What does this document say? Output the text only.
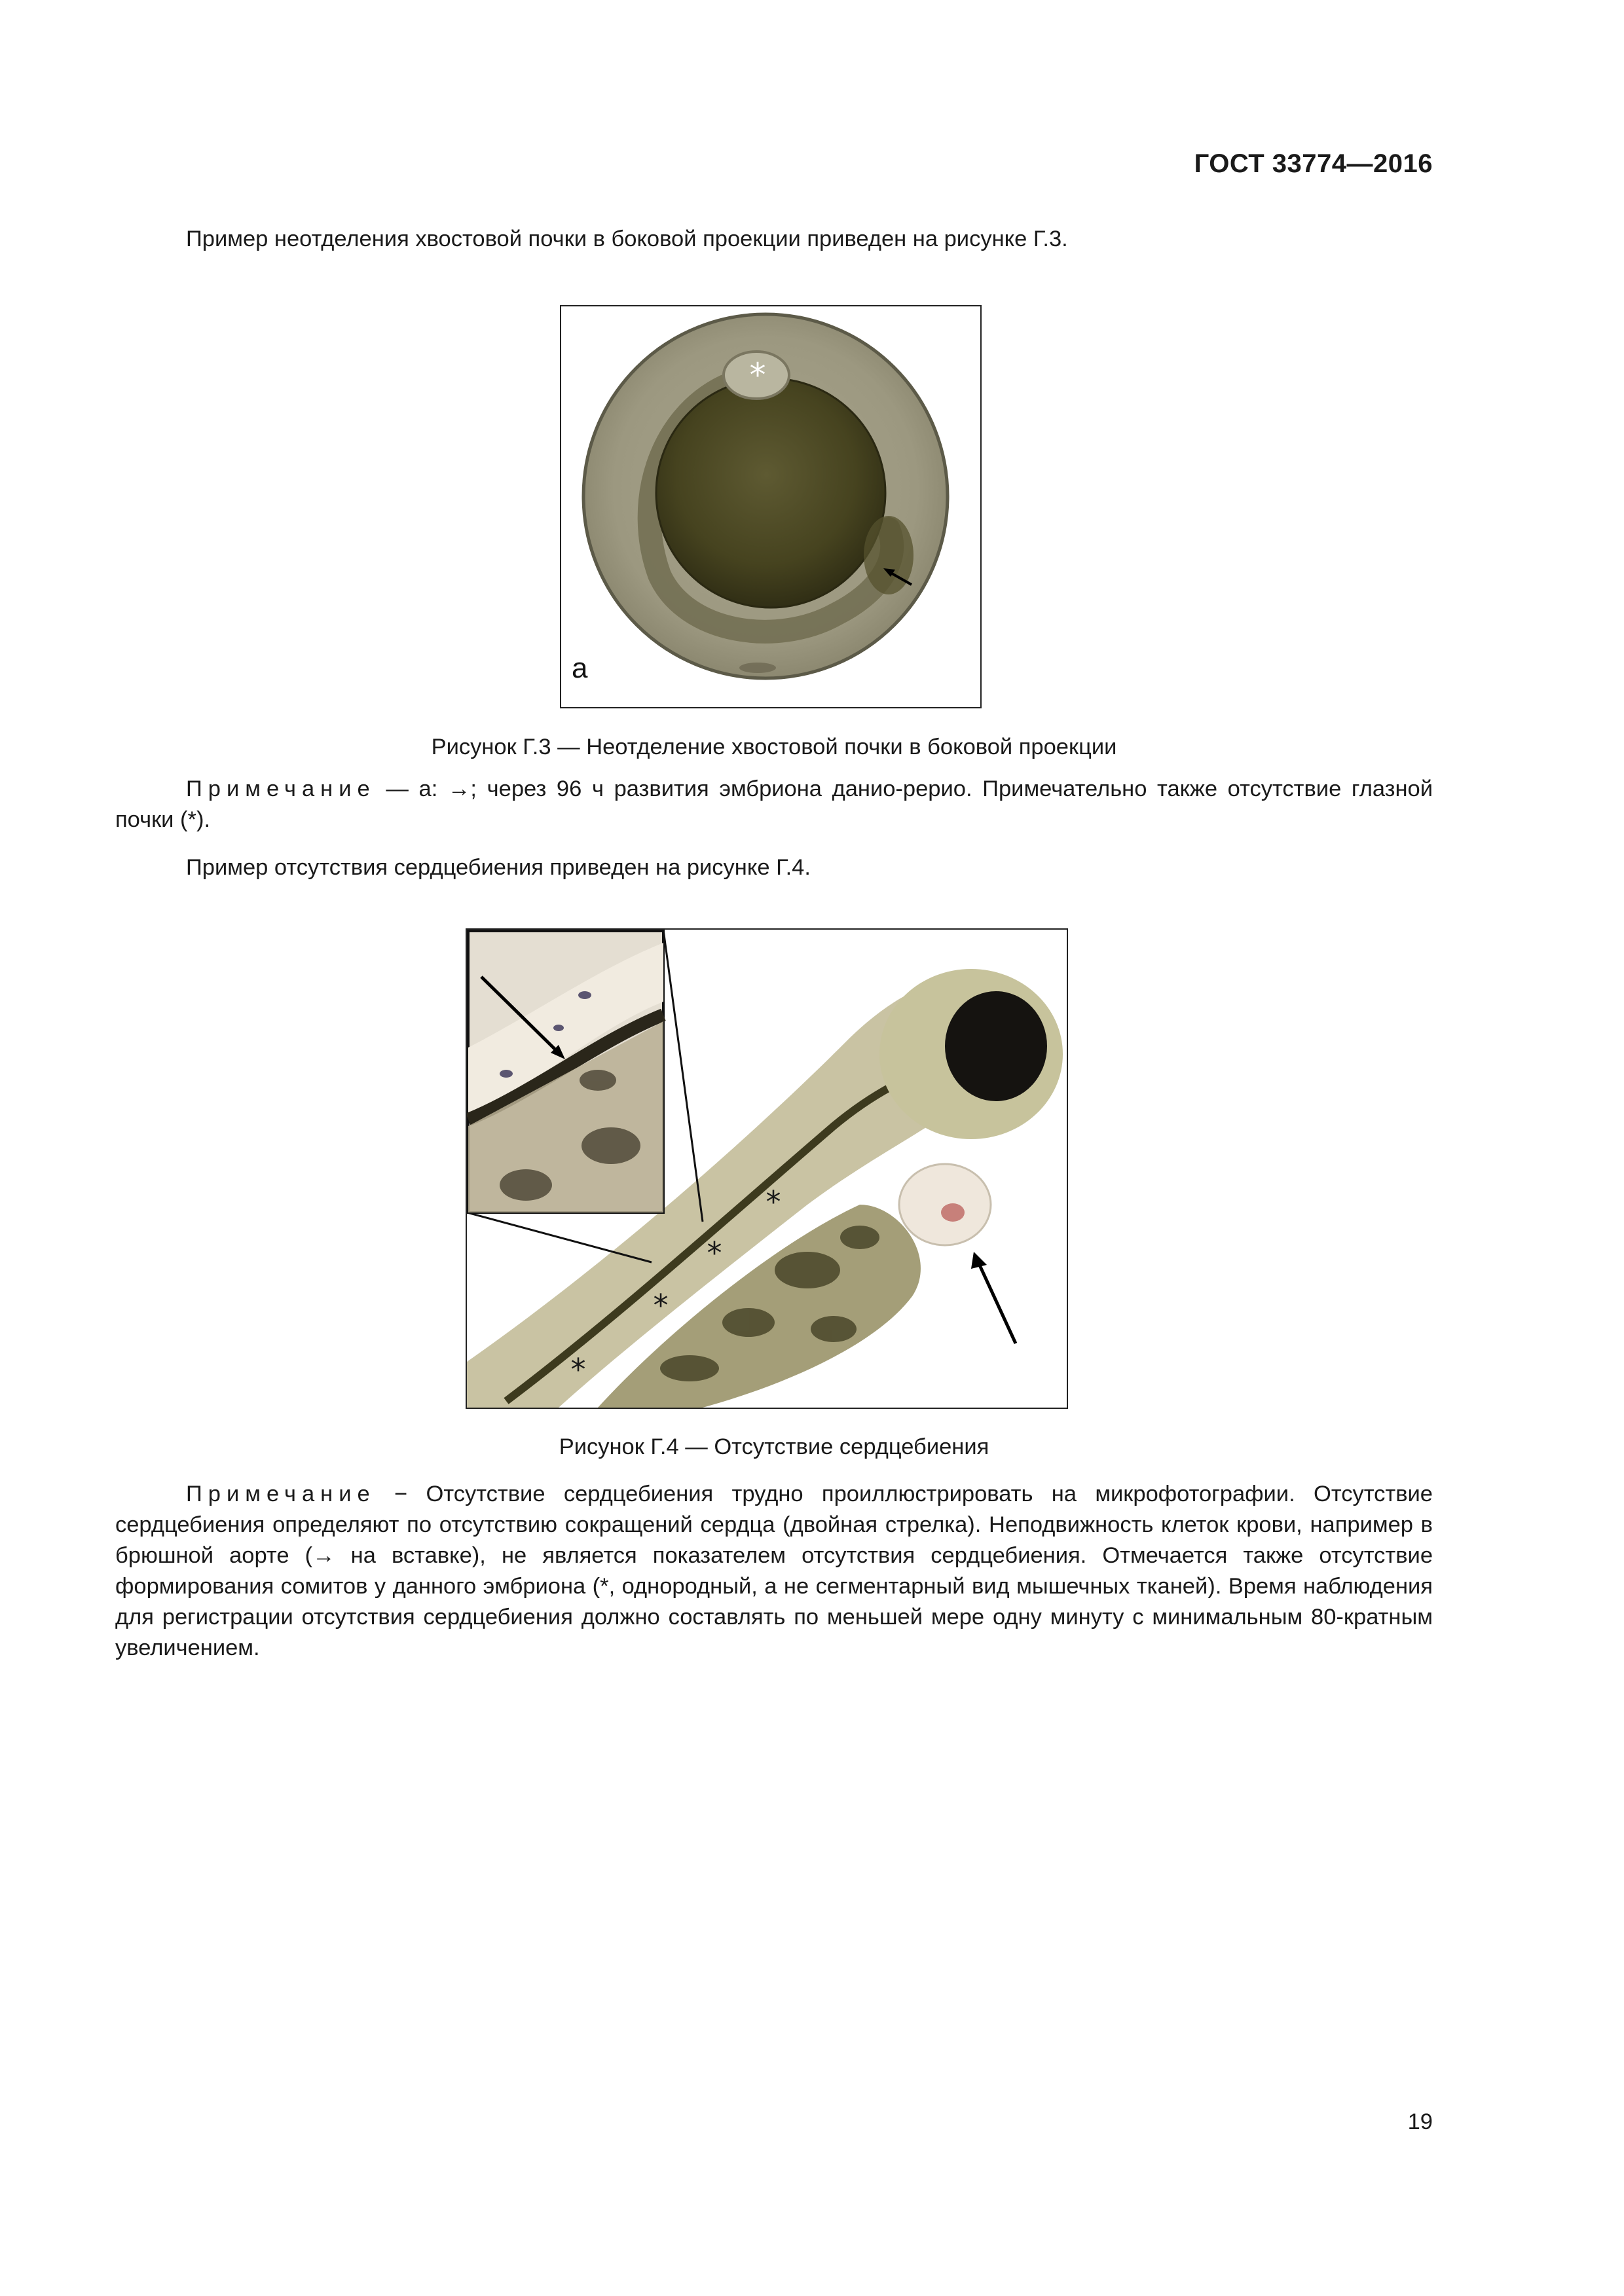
ГОСТ 33774—2016
Пример неотделения хвостовой почки в боковой проекции приведен на рисунке Г.3.
*
а
Рисунок Г.3 — Неотделение хвостовой почки в боковой проекции
Примечание — а: →; через 96 ч развития эмбриона данио-рерио. Примечательно также отсутствие глазной почки (*).
Пример отсутствия сердцебиения приведен на рисунке Г.4.
*
*
*
*
Рисунок Г.4 — Отсутствие сердцебиения
Примечание − Отсутствие сердцебиения трудно проиллюстрировать на микрофотографии. Отсутствие сердцебиения определяют по отсутствию сокращений сердца (двойная стрелка). Неподвижность клеток крови, например в брюшной аорте (→ на вставке), не является показателем отсутствия сердцебиения. Отмечается также отсутствие формирования сомитов у данного эмбриона (*, однородный, а не сегментарный вид мышечных тканей). Время наблюдения для регистрации отсутствия сердцебиения должно составлять по меньшей мере одну минуту с минимальным 80-кратным увеличением.
19
